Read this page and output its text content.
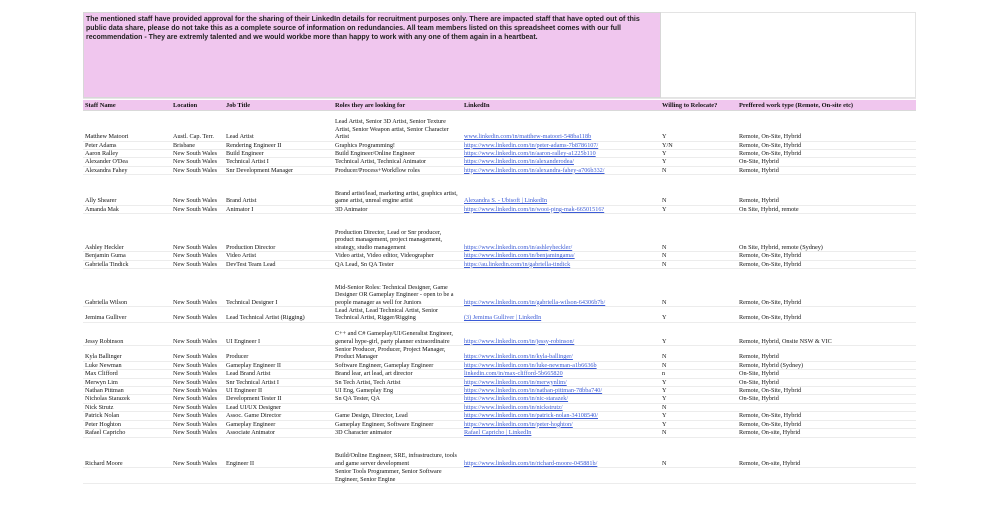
The mentioned staff have provided approval for the sharing of their LinkedIn details for recruitment purposes only. There are impacted staff that have opted out of this public data share, please do not take this as a complete source of information on redundancies. All team members listed on this spreadsheet comes with our full recommendation - They are extremly talented and we would workbe more than happy to work with any one of them again in a heartbeat.
Staff Name	Location	Job Title	Roles they are looking for	LinkedIn	Willing to Relocate?	Preffered work type (Remote, On-site etc)
Matthew Matoori	Austl. Cap. Terr.	Lead Artist	Lead Artist, Senior 3D Artist, Senior Texture Artist, Senior Weapon artist, Senior Character Artist	www.linkedin.com/in/matthew-matoori-548ba118b	Y	Remote, On-Site, Hybrid
Peter Adams	Brisbane	Rendering Engineer II	Graphics Programming!	https://www.linkedin.com/in/peter-adams-7b8786107/	Y/N	Remote, On-Site, Hybrid
Aaron Ralley	New South Wales	Build Engineer	Build Engineer/Online Engineer	https://www.linkedin.com/in/aaron-ralley-a1225b110	Y	Remote, On-Site, Hybrid
Alexander O'Dea	New South Wales	Technical Artist I	Technical Artist, Technical Animator	https://www.linkedin.com/in/alexanderodea/	Y	On-Site, Hybrid
Alexandra Fahey	New South Wales	Snr Development Manager	Producer/Process+Workflow roles	https://www.linkedin.com/in/alexandra-fahey-a706b332/	N	Remote, Hybrid
Ally Shearer	New South Wales	Brand Artist	Brand artist/lead, marketing artist, graphics artist, game artist, unreal engine artist	Alexandra S. - Ubisoft | LinkedIn	N	Remote, Hybrid
Amanda Mak	New South Wales	Animator I	3D Animator	https://www.linkedin.com/in/wooi-ping-mak-66501516?	Y	On Site, Hybrid, remote
Ashley Heckler	New South Wales	Production Director	Production Director, Lead or Snr producer, product management, project management, strategy, studio management	https://www.linkedin.com/in/ashleyheckler/	N	On Site, Hybrid, remote (Sydney)
Benjamin Guma	New South Wales	Video Artist	Video artist, Video editor, Videographer	https://www.linkedin.com/in/benjamingama/	N	Remote, On-Site, Hybrid
Gabriella Tindick	New South Wales	DevTest Team Lead	QA Lead, Sn QA Tester	https://au.linkedin.com/in/gabriella-tindick	N	Remote, On-Site, Hybrid
Gabriella Wilson	New South Wales	Technical Designer I	Mid-Senior Roles: Technical Designer, Game Designer OR Gameplay Engineer - open to be a people manager as well for Juniors	https://www.linkedin.com/in/gabriella-wilson-64306b7b/	N	Remote, On-Site, Hybrid
Jemima Gulliver	New South Wales	Lead Technical Artist (Rigging)	Lead Artist, Lead Technical Artist, Senior Technical Artist, Rigger/Rigging	(3) Jemima Gulliver | LinkedIn	Y	Remote, On-Site, Hybrid
Jessy Robinson	New South Wales	UI Engineer I	C++ and C# Gameplay/UI/Generalist Engineer, general hype-girl, party planner extraordinaire	https://www.linkedin.com/in/jessy-robinson/	Y	Remote, Hybrid, Onsite NSW & VIC
Kyla Ballinger	New South Wales	Producer	Senior Producer, Producer, Project Manager, Product Manager	https://www.linkedin.com/in/kyla-ballinger/	N	Remote, Hybrid
Luke Newman	New South Wales	Gameplay Engineer II	Software Engineer, Gameplay Engineer	https://www.linkedin.com/in/luke-newman-a1b6636b	N	Remote, Hybrid (Sydney)
Max Clifford	New South Wales	Lead Brand Artist	Brand lear, art lead, art director	linkedin.com/in/max-clifford-5b665820	n	On-Site, Hybrid
Merwyn Lim	New South Wales	Snr Technical Artist I	Sn Tech Artist, Tech Artist	https://www.linkedin.com/in/merwynlim/	Y	On-Site, Hybrid
Nathan Pittman	New South Wales	UI Engineer II	UI Eng, Gameplay Eng	https://www.linkedin.com/in/nathan-pittman-78bba740/	Y	Remote, On-Site, Hybrid
Nicholas Starazek	New South Wales	Development Tester II	Sn QA Tester, QA	https://www.linkedin.com/in/nic-starazek/	Y	On-Site, Hybrid
Nick Strutz	New South Wales	Lead UI/UX Designer		https://www.linkedin.com/in/nickstrutz/	N	
Patrick Nolan	New South Wales	Assoc. Game Director	Game Design, Director, Lead	https://www.linkedin.com/in/patrick-nolan-34108540/	Y	Remote, On-Site, Hybrid
Peter Hoghton	New South Wales	Gameplay Engineer	Gameplay Engineer, Software Engineer	https://www.linkedin.com/in/peter-hoghton/	Y	Remote, On-Site, Hybrid
Rafael Capricho	New South Wales	Associate Animator	3D Character animator	Rafael Capricho | LinkedIn	N	Remote, On-site, Hybrid
Richard Moore	New South Wales	Engineer II	Build/Online Engineer, SRE, infrastructure, tools and game server development	https://www.linkedin.com/in/richard-moore-045881b/	N	Remote, On-site, Hybrid
			Senior Tools Programmer, Senior Software Engineer, Senior Engine			
